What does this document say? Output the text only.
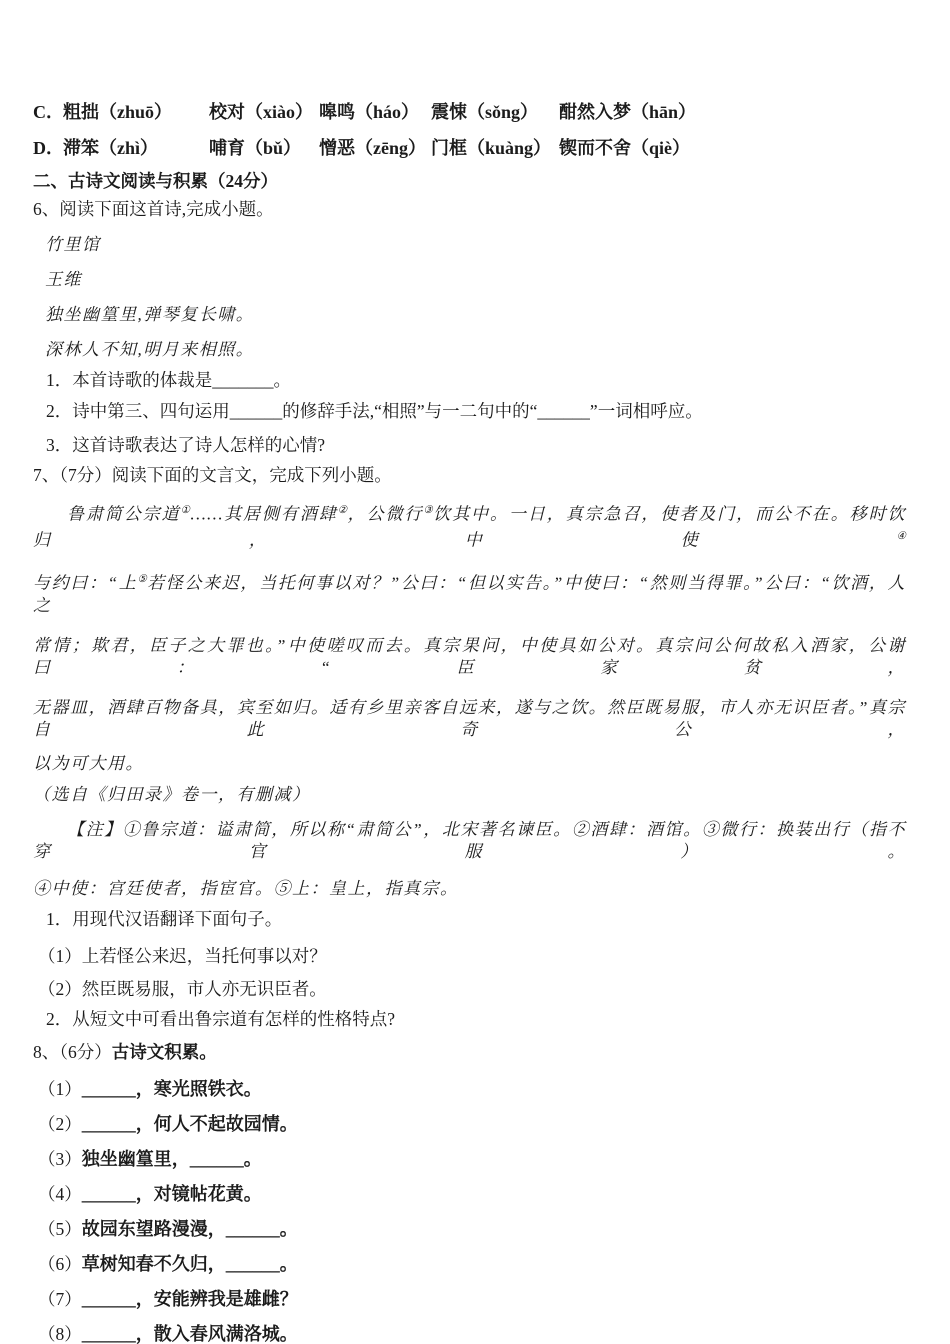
C．粗拙（zhuō） 校对（xiào） 嗥鸣（háo） 震悚（sǒng） 酣然入梦（hān）
D．滞笨（zhì）	哺育（bǔ） 憎恶（zēng） 门框（kuàng） 锲而不舍（qiè）
二、古诗文阅读与积累（24分）
6、阅读下面这首诗,完成小题。
竹里馆
王维
独坐幽篁里,弹琴复长啸。
深林人不知,明月来相照。
1．本首诗歌的体裁是_______。
2．诗中第三、四句运用______的修辞手法,“相照”与一二句中的“______”一词相呼应。
3．这首诗歌表达了诗人怎样的心情?
7、（7分）阅读下面的文言文，完成下列小题。
鲁肃简公宗道①……其居侧有酒肆②，公微行③饮其中。一日，真宗急召，使者及门，而公不在。移时饮归，中使④
与约曰：“上⑤若怪公来迟，当托何事以对？”公曰：“但以实告。”中使曰：“然则当得罪。”公曰：“饮酒，人之
常情；欺君，臣子之大罪也。”中使嗟叹而去。真宗果问，中使具如公对。真宗问公何故私入酒家，公谢曰：“臣家贫，
无器皿，酒肆百物备具，宾至如归。适有乡里亲客自远来，遂与之饮。然臣既易服，市人亦无识臣者。”真宗自此奇公，
以为可大用。
（选自《归田录》卷一，有删减）
【注】①鲁宗道：谥肃简，所以称“肃简公”，北宋著名谏臣。②酒肆：酒馆。③微行：换装出行（指不穿官服）。
④中使：宫廷使者，指宦官。⑤上：皇上，指真宗。
1．用现代汉语翻译下面句子。
（1）上若怪公来迟，当托何事以对？
（2）然臣既易服，市人亦无识臣者。
2．从短文中可看出鲁宗道有怎样的性格特点?
8、（6分）古诗文积累。
（1）______，寒光照铁衣。
（2）______，何人不起故园情。
（3）独坐幽篁里，______。
（4）______，对镜帖花黄。
（5）故园东望路漫漫，______。
（6）草树知春不久归，______。
（7）______，安能辨我是雄雌？
（8）______，散入春风满洛城。
